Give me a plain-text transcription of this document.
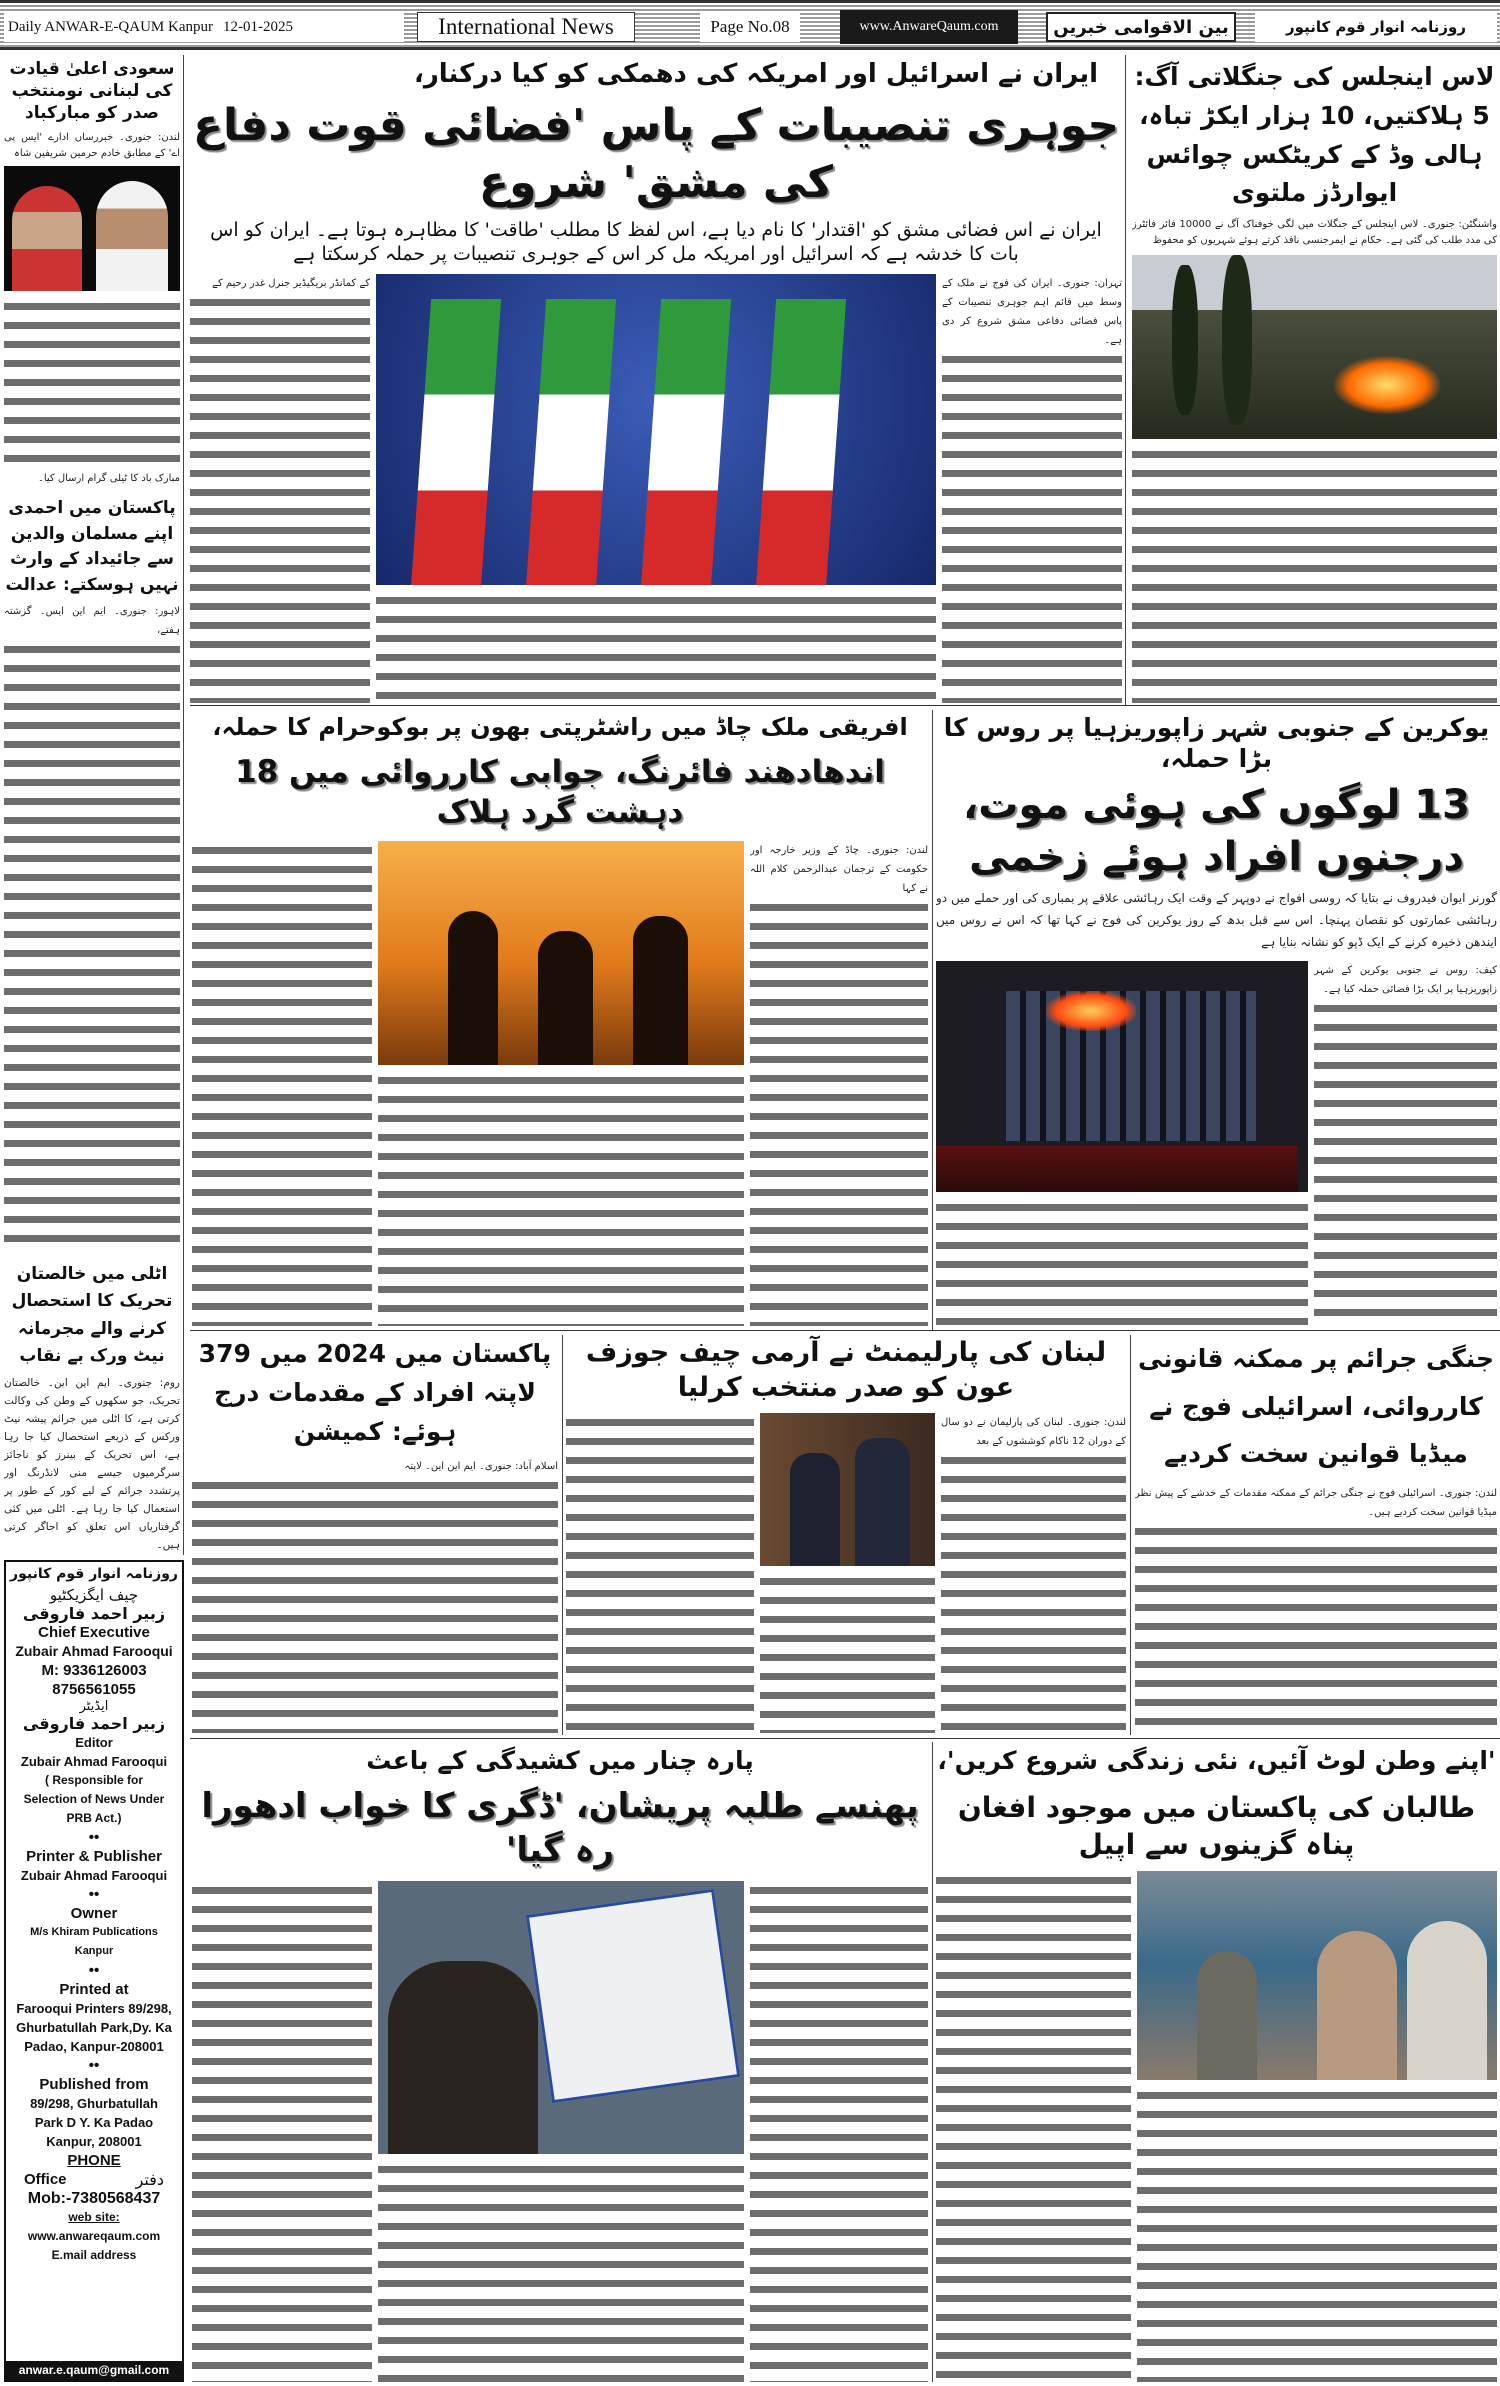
Daily ANWAR-E-QAUM Kanpur 12-01-2025	International News	Page No.08	www.AnwareQaum.com	بین الاقوامی خبریں	روزنامہ انوار قوم کانپور
سعودی اعلیٰ قیادت کی لبنانی نومنتخب صدر کو مبارکباد
لندن: جنوری۔ خبررساں ادارے 'ایس پی اے' کے مطابق خادم حرمین شریفین شاہ
مبارک باد کا ٹیلی گرام ارسال کیا۔
پاکستان میں احمدی اپنے مسلمان والدین سے جائیداد کے وارث نہیں ہوسکتے: عدالت
لاہور: جنوری۔ ایم این ایس۔ گزشتہ ہفتے،
اٹلی میں خالصتان تحریک کا استحصال کرنے والے مجرمانہ نیٹ ورک بے نقاب
روم: جنوری۔ ایم این این۔ خالصتان تحریک، جو سکھوں کے وطن کی وکالت کرتی ہے، کا اٹلی میں جرائم پیشہ نیٹ ورکس کے ذریعے استحصال کیا جا رہا ہے، اس تحریک کے بینرز کو ناجائز سرگرمیوں جیسے منی لانڈرنگ اور پرتشدد جرائم کے لیے کور کے طور پر استعمال کیا جا رہا ہے۔ اٹلی میں کئی گرفتاریاں اس تعلق کو اجاگر کرتی ہیں۔
روزنامہ انوار قوم کانپور
چیف ایگزیکٹیو
زبیر احمد فاروقی
Chief Executive
Zubair Ahmad Farooqui
M: 9336126003
8756561055
ایڈیٹر
زبیر احمد فاروقی
Editor
Zubair Ahmad Farooqui
( Responsible for Selection of News Under PRB Act.)
••
Printer & Publisher
Zubair Ahmad Farooqui
••
Owner
M/s Khiram Publications Kanpur
••
Printed at
Farooqui Printers 89/298, Ghurbatullah Park,Dy. Ka Padao, Kanpur-208001
••
Published from
89/298, Ghurbatullah Park D Y. Ka Padao Kanpur, 208001
PHONE
Office	دفتر
Mob:-7380568437
web site:
www.anwareqaum.com
E.mail address
anwar.e.qaum@gmail.com
ایران نے اسرائیل اور امریکہ کی دھمکی کو کیا درکنار،
جوہری تنصیبات کے پاس 'فضائی قوت دفاع کی مشق' شروع
ایران نے اس فضائی مشق کو 'اقتدار' کا نام دیا ہے، اس لفظ کا مطلب 'طاقت' کا مظاہرہ ہوتا ہے۔ ایران کو اس بات کا خدشہ ہے کہ اسرائیل اور امریکہ مل کر اس کے جوہری تنصیبات پر حملہ کرسکتا ہے
کے کمانڈر بریگیڈیر جنرل غدر رحیم کے	تہران: جنوری۔ ایران کی فوج نے ملک کے وسط میں قائم اہم جوہری تنصیبات کے پاس فضائی دفاعی مشق شروع کر دی ہے۔
لاس اینجلس کی جنگلاتی آگ: 5 ہلاکتیں، 10 ہزار ایکڑ تباہ، ہالی وڈ کے کریٹکس چوائس ایوارڈز ملتوی
واشنگٹن: جنوری۔ لاس اینجلس کے جنگلات میں لگی خوفناک آگ نے 10000 فائر فائٹرز کی مدد طلب کی گئی ہے۔ حکام نے ایمرجنسی نافذ کرتے ہوئے شہریوں کو محفوظ
یوکرین کے جنوبی شہر زاپوریزہیا پر روس کا بڑا حملہ،
13 لوگوں کی ہوئی موت، درجنوں افراد ہوئے زخمی
گورنر ایوان فیدروف نے بتایا کہ روسی افواج نے دوپہر کے وقت ایک رہائشی علاقے پر بمباری کی اور حملے میں دو رہائشی عمارتوں کو نقصان پہنچا۔ اس سے قبل بدھ کے روز یوکرین کی فوج نے کہا تھا کہ اس نے روس میں ایندھن ذخیرہ کرنے کے ایک ڈپو کو نشانہ بنایا ہے
کیف: روس نے جنوبی یوکرین کے شہر زاپوریزہیا پر ایک بڑا فضائی حملہ کیا ہے۔
افریقی ملک چاڈ میں راشٹرپتی بھون پر بوکوحرام کا حملہ،
اندھادھند فائرنگ، جوابی کارروائی میں 18 دہشت گرد ہلاک
لندن: جنوری۔ چاڈ کے وزیر خارجہ اور حکومت کے ترجمان عبدالرحمن کلام اللہ نے کہا
جنگی جرائم پر ممکنہ قانونی کارروائی، اسرائیلی فوج نے میڈیا قوانین سخت کردیے
لندن: جنوری۔ اسرائیلی فوج نے جنگی جرائم کے ممکنہ مقدمات کے خدشے کے پیش نظر میڈیا قوانین سخت کردیے ہیں۔
لبنان کی پارلیمنٹ نے آرمی چیف جوزف عون کو صدر منتخب کرلیا
لندن: جنوری۔ لبنان کی پارلیمان نے دو سال کے دوران 12 ناکام کوششوں کے بعد
پاکستان میں 2024 میں 379 لاپتہ افراد کے مقدمات درج ہوئے: کمیشن
اسلام آباد: جنوری۔ ایم این این۔ لاپتہ
'اپنے وطن لوٹ آئیں، نئی زندگی شروع کریں'،
طالبان کی پاکستان میں موجود افغان پناہ گزینوں سے اپیل
پارہ چنار میں کشیدگی کے باعث
پھنسے طلبہ پریشان، 'ڈگری کا خواب ادھورا رہ گیا'
